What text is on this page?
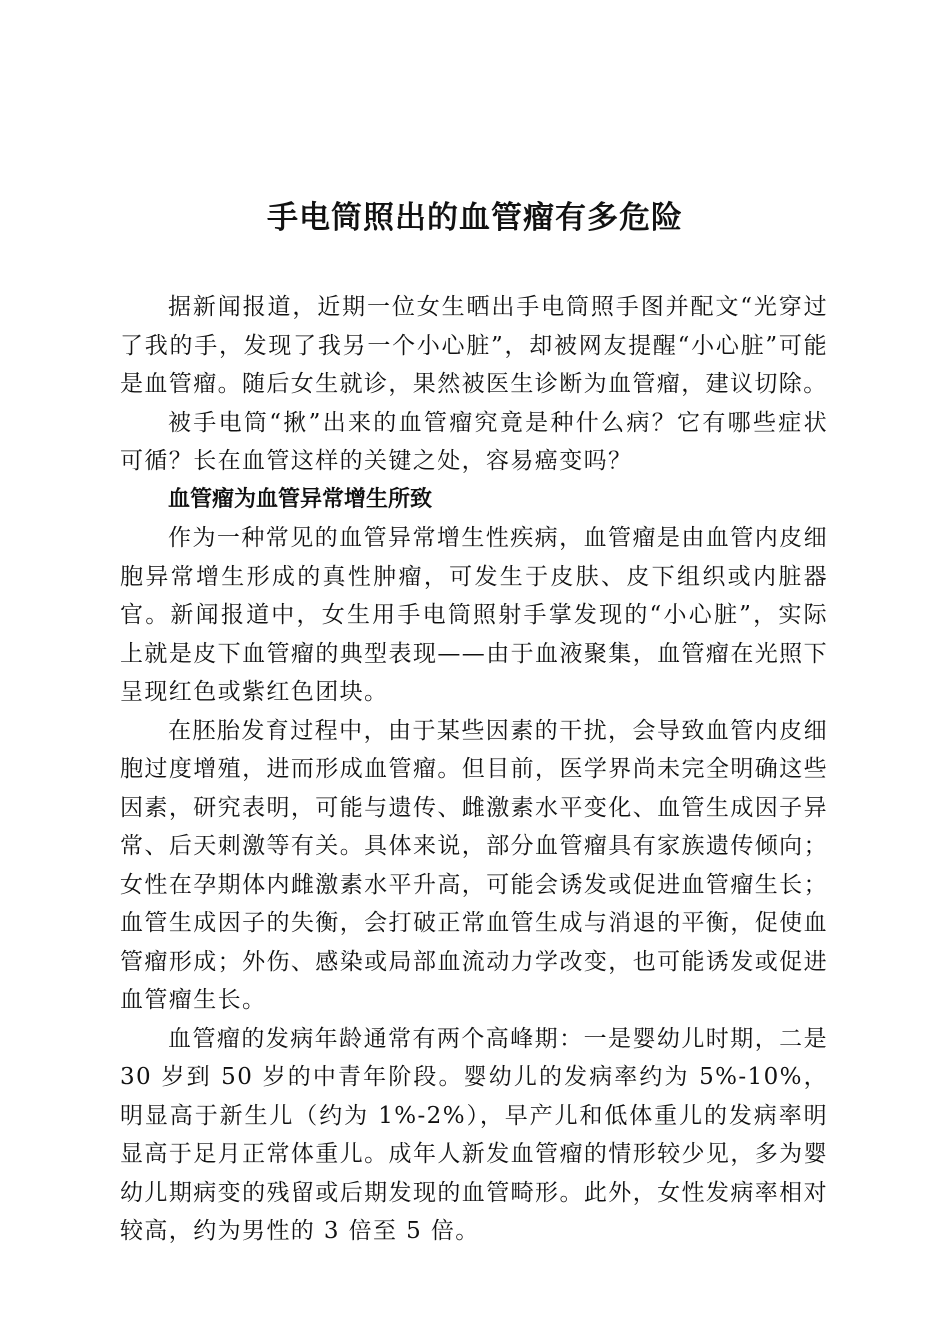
手电筒照出的血管瘤有多危险

据新闻报道，近期一位女生晒出手电筒照手图并配文“光穿过了我的手，发现了我另一个小心脏”，却被网友提醒“小心脏”可能是血管瘤。随后女生就诊，果然被医生诊断为血管瘤，建议切除。

被手电筒“揪”出来的血管瘤究竟是种什么病？它有哪些症状可循？长在血管这样的关键之处，容易癌变吗？

血管瘤为血管异常增生所致

作为一种常见的血管异常增生性疾病，血管瘤是由血管内皮细胞异常增生形成的真性肿瘤，可发生于皮肤、皮下组织或内脏器官。新闻报道中，女生用手电筒照射手掌发现的“小心脏”，实际上就是皮下血管瘤的典型表现——由于血液聚集，血管瘤在光照下呈现红色或紫红色团块。

在胚胎发育过程中，由于某些因素的干扰，会导致血管内皮细胞过度增殖，进而形成血管瘤。但目前，医学界尚未完全明确这些因素，研究表明，可能与遗传、雌激素水平变化、血管生成因子异常、后天刺激等有关。具体来说，部分血管瘤具有家族遗传倾向；女性在孕期体内雌激素水平升高，可能会诱发或促进血管瘤生长；血管生成因子的失衡，会打破正常血管生成与消退的平衡，促使血管瘤形成；外伤、感染或局部血流动力学改变，也可能诱发或促进血管瘤生长。

血管瘤的发病年龄通常有两个高峰期：一是婴幼儿时期，二是 30 岁到 50 岁的中青年阶段。婴幼儿的发病率约为 5%-10%，明显高于新生儿（约为 1%-2%），早产儿和低体重儿的发病率明显高于足月正常体重儿。成年人新发血管瘤的情形较少见，多为婴幼儿期病变的残留或后期发现的血管畸形。此外，女性发病率相对较高，约为男性的 3 倍至 5 倍。
